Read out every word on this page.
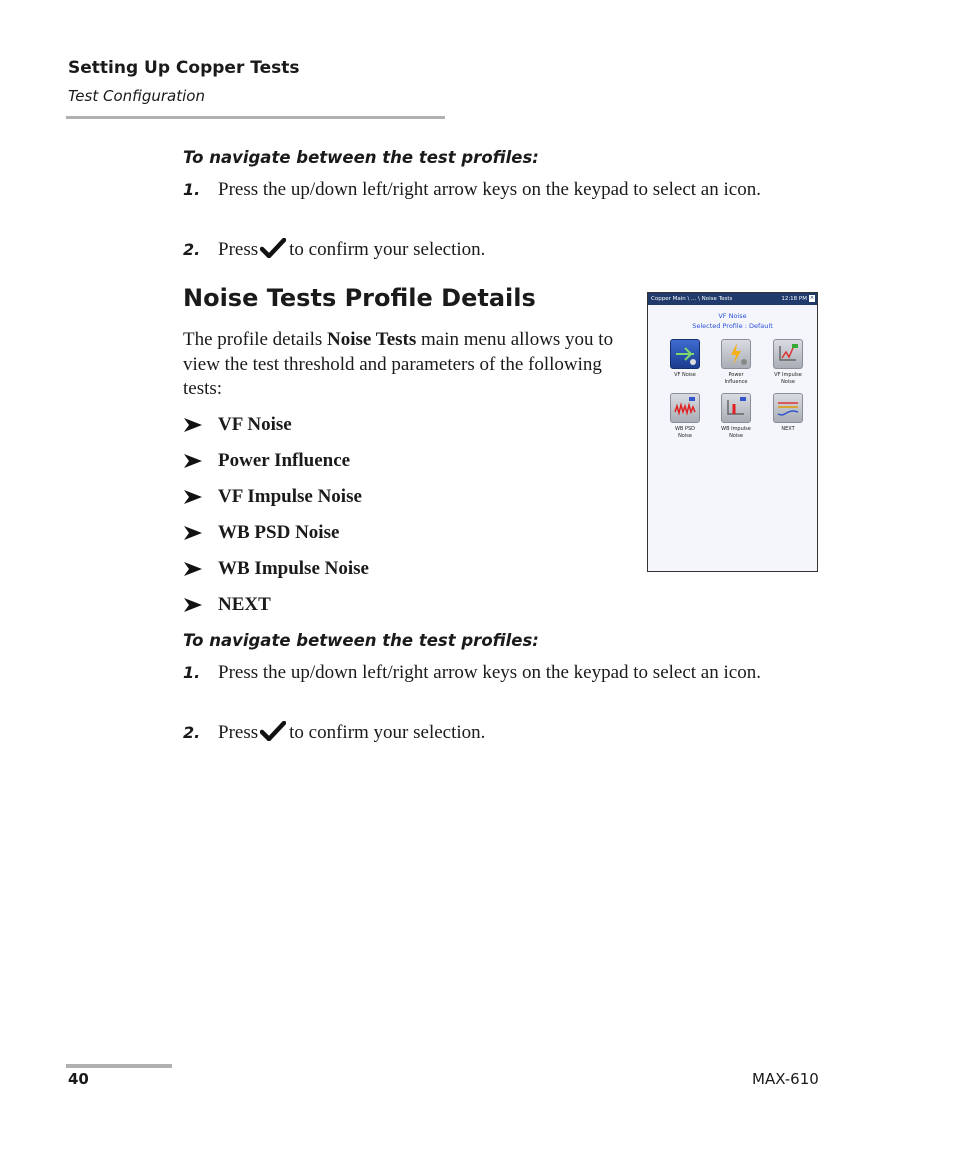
Setting Up Copper Tests
Test Configuration
To navigate between the test profiles:
1. Press the up/down left/right arrow keys on the keypad to select an icon.
2. Press to confirm your selection.
Noise Tests Profile Details
The profile details Noise Tests main menu allows you to view the test threshold and parameters of the following tests:
VF Noise
Power Influence
VF Impulse Noise
WB PSD Noise
WB Impulse Noise
NEXT
Copper Main \ ... \ Noise Tests	12:18 PM ×
VF Noise
Selected Profile : Default
VF Noise	Power
Influence
VF Impulse
Noise
WB PSD
Noise
WB Impulse
Noise
NEXT
To navigate between the test profiles:
1. Press the up/down left/right arrow keys on the keypad to select an icon.
2. Press to confirm your selection.
40	MAX-610
